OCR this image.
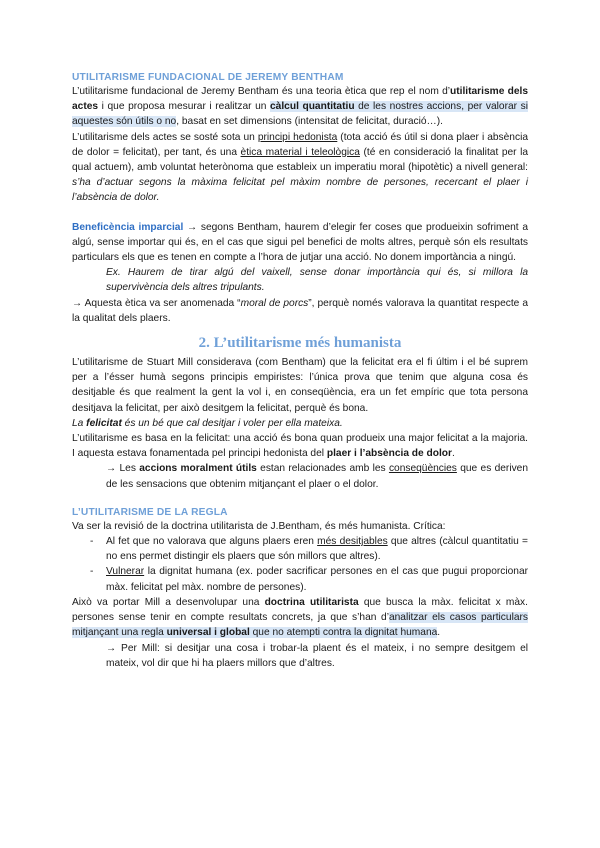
UTILITARISME FUNDACIONAL DE JEREMY BENTHAM

L’utilitarisme fundacional de Jeremy Bentham és una teoria ètica que rep el nom d’utilitarisme dels actes i que proposa mesurar i realitzar un càlcul quantitatiu de les nostres accions, per valorar si aquestes són útils o no, basat en set dimensions (intensitat de felicitat, duració…).

L’utilitarisme dels actes se sosté sota un principi hedonista (tota acció és útil si dona plaer i absència de dolor = felicitat), per tant, és una ètica material i teleològica (té en consideració la finalitat per la qual actuem), amb voluntat heterònoma que estableix un imperatiu moral (hipotètic) a nivell general: s’ha d’actuar segons la màxima felicitat pel màxim nombre de persones, recercant el plaer i l’absència de dolor.

Beneficència imparcial → segons Bentham, haurem d’elegir fer coses que produeixin sofriment a algú, sense importar qui és, en el cas que sigui pel benefici de molts altres, perquè són els resultats particulars els que es tenen en compte a l’hora de jutjar una acció. No donem importància a ningú.

Ex. Haurem de tirar algú del vaixell, sense donar importància qui és, si millora la supervivència dels altres tripulants.

→ Aquesta ètica va ser anomenada “moral de porcs”, perquè només valorava la quantitat respecte a la qualitat dels plaers.

2. L’utilitarisme més humanista

L’utilitarisme de Stuart Mill considerava (com Bentham) que la felicitat era el fi últim i el bé suprem per a l’ésser humà segons principis empiristes: l’única prova que tenim que alguna cosa és desitjable és que realment la gent la vol i, en conseqüència, era un fet empíric que tota persona desitjava la felicitat, per això desitgem la felicitat, perquè és bona.

La felicitat és un bé que cal desitjar i voler per ella mateixa.

L’utilitarisme es basa en la felicitat: una acció és bona quan produeix una major felicitat a la majoria. I aquesta estava fonamentada pel principi hedonista del plaer i l’absència de dolor.

→ Les accions moralment útils estan relacionades amb les conseqüències que es deriven de les sensacions que obtenim mitjançant el plaer o el dolor.

L’UTILITARISME DE LA REGLA

Va ser la revisió de la doctrina utilitarista de J.Bentham, és més humanista. Crítica:

- Al fet que no valorava que alguns plaers eren més desitjables que altres (càlcul quantitatiu = no ens permet distingir els plaers que són millors que altres).
- Vulnerar la dignitat humana (ex. poder sacrificar persones en el cas que pugui proporcionar màx. felicitat pel màx. nombre de persones).

Això va portar Mill a desenvolupar una doctrina utilitarista que busca la màx. felicitat x màx. persones sense tenir en compte resultats concrets, ja que s’han d’analitzar els casos particulars mitjançant una regla universal i global que no atempti contra la dignitat humana.

→ Per Mill: si desitjar una cosa i trobar-la plaent és el mateix, i no sempre desitgem el mateix, vol dir que hi ha plaers millors que d’altres.
